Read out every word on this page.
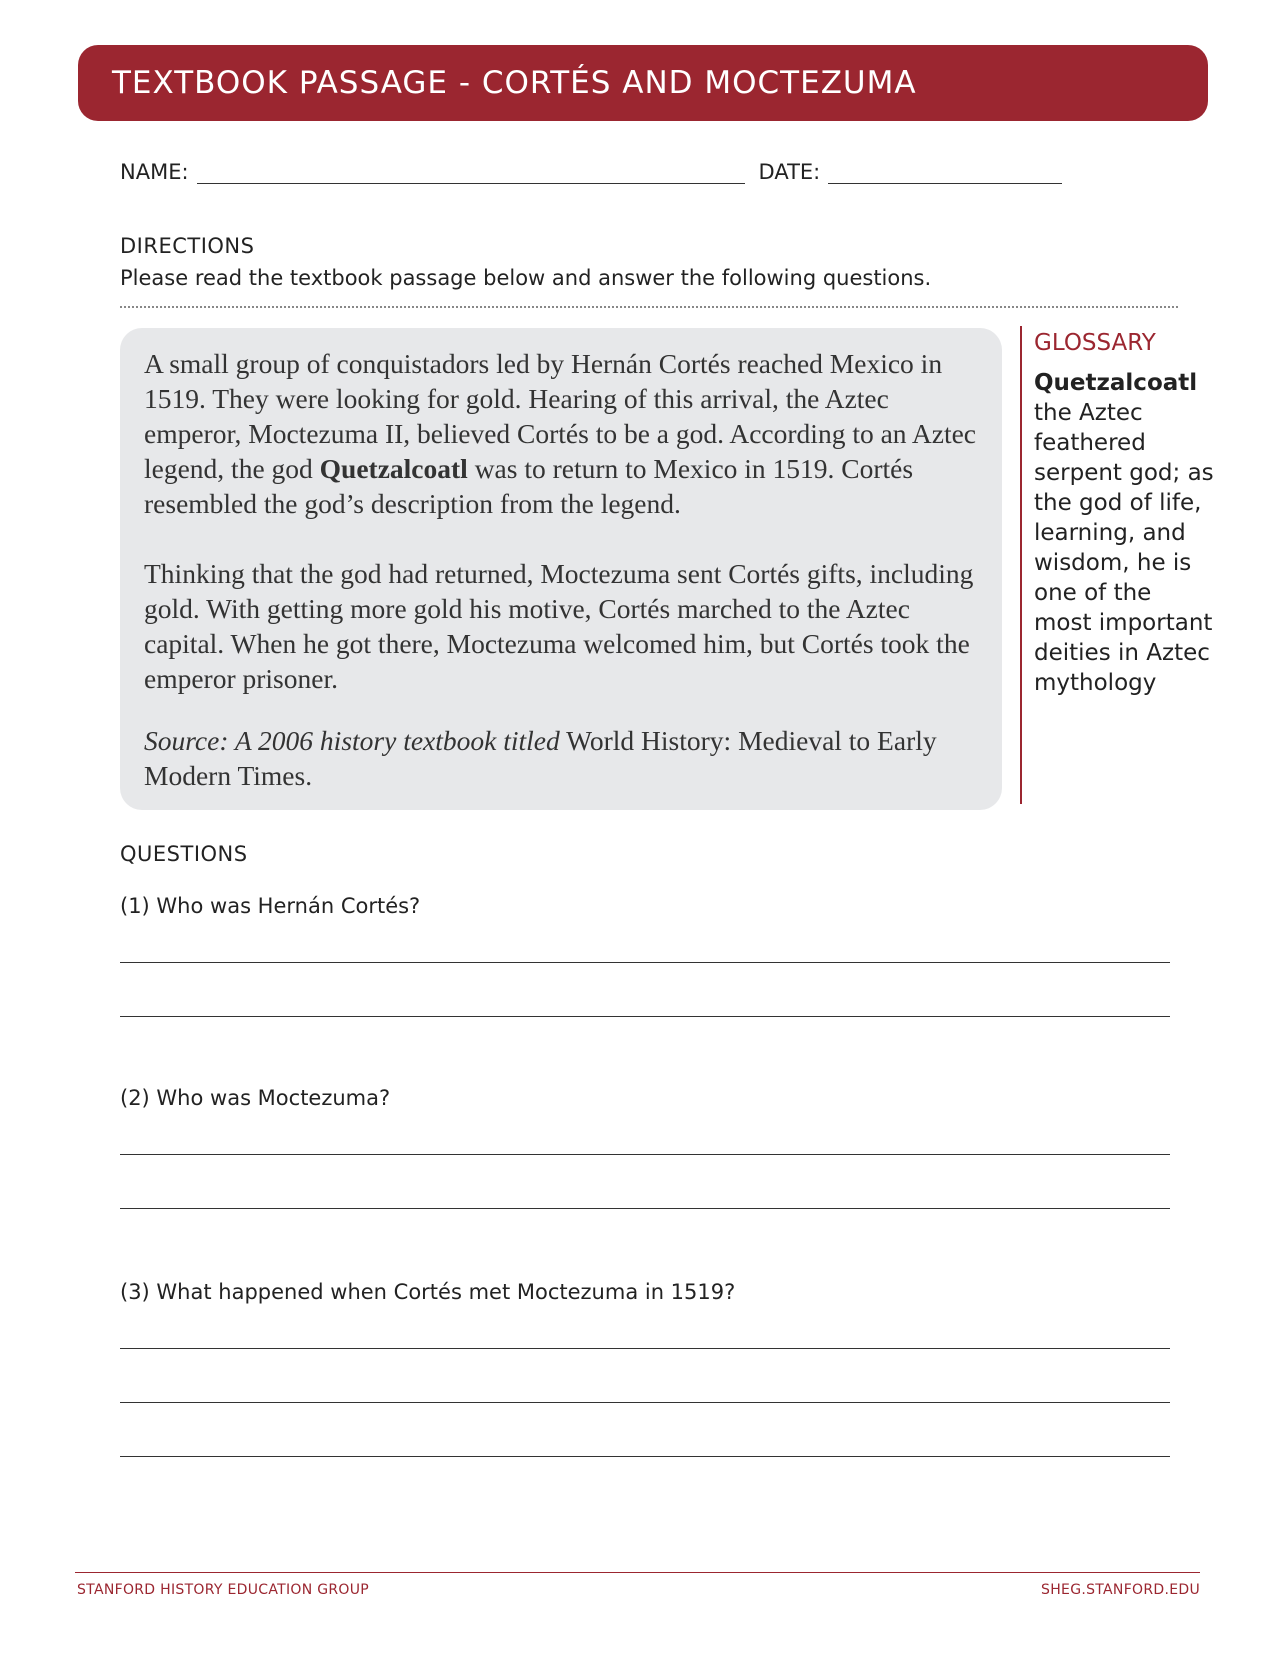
TEXTBOOK PASSAGE - CORTÉS AND MOCTEZUMA
NAME:	DATE:
DIRECTIONS
Please read the textbook passage below and answer the following questions.

A small group of conquistadors led by Hernán Cortés reached Mexico in 1519. They were looking for gold. Hearing of this arrival, the Aztec emperor, Moctezuma II, believed Cortés to be a god. According to an Aztec legend, the god Quetzalcoatl was to return to Mexico in 1519. Cortés resembled the god’s description from the legend.

Thinking that the god had returned, Moctezuma sent Cortés gifts, including gold. With getting more gold his motive, Cortés marched to the Aztec capital. When he got there, Moctezuma welcomed him, but Cortés took the emperor prisoner.

Source: A 2006 history textbook titled World History: Medieval to Early Modern Times.

GLOSSARY
Quetzalcoatl
the Aztec feathered serpent god; as the god of life, learning, and wisdom, he is one of the most important deities in Aztec mythology
QUESTIONS
(1) Who was Hernán Cortés?
(2) Who was Moctezuma?
(3) What happened when Cortés met Moctezuma in 1519?
STANFORD HISTORY EDUCATION GROUP	SHEG.STANFORD.EDU
